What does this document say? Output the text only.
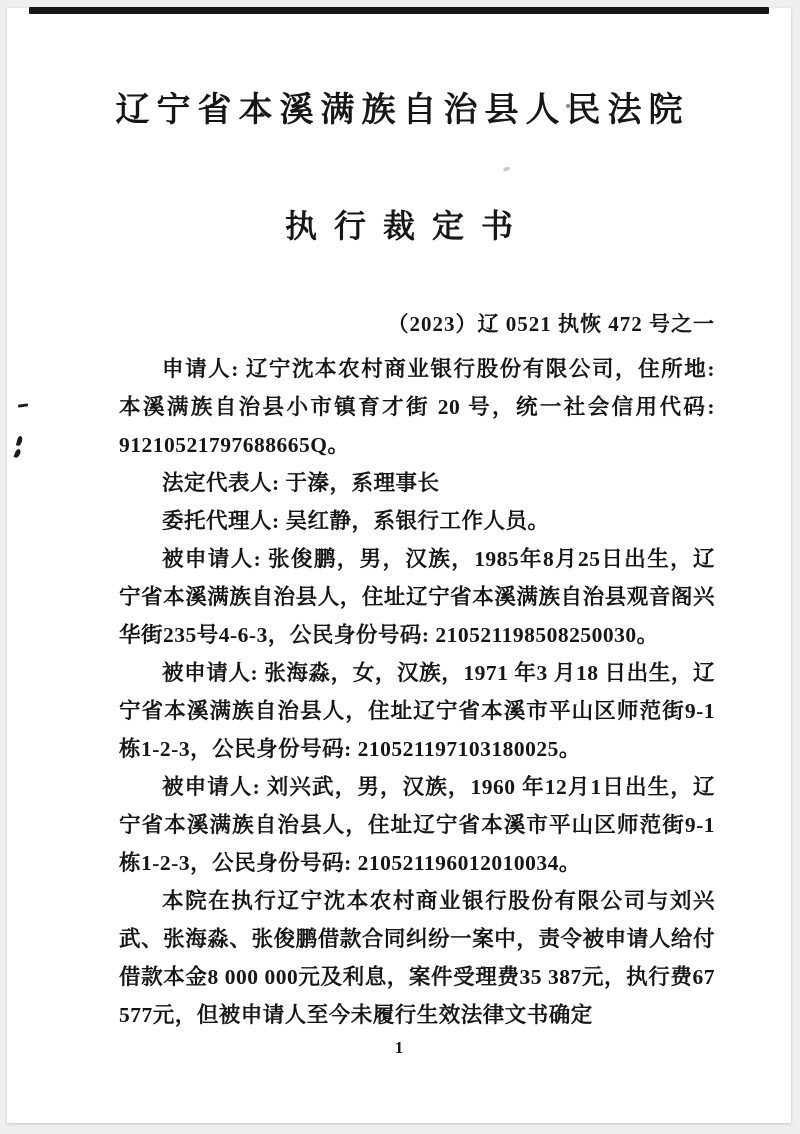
辽宁省本溪满族自治县人民法院
执行裁定书

（2023）辽 0521 执恢 472 号之一

申请人: 辽宁沈本农村商业银行股份有限公司，住所地: 本溪满族自治县小市镇育才街 20 号，统一社会信用代码: 91210521797688665Q。

法定代表人: 于溱，系理事长

委托代理人: 吴红静，系银行工作人员。

被申请人: 张俊鹏，男，汉族，1985年8月25日出生，辽宁省本溪满族自治县人，住址辽宁省本溪满族自治县观音阁兴华街235号4-6-3，公民身份号码: 210521198508250030。

被申请人: 张海淼，女，汉族，1971 年3 月18 日出生，辽宁省本溪满族自治县人，住址辽宁省本溪市平山区师范街9-1栋1-2-3，公民身份号码: 210521197103180025。

被申请人: 刘兴武，男，汉族，1960 年12月1日出生，辽宁省本溪满族自治县人，住址辽宁省本溪市平山区师范街9-1栋1-2-3，公民身份号码: 210521196012010034。

本院在执行辽宁沈本农村商业银行股份有限公司与刘兴武、张海淼、张俊鹏借款合同纠纷一案中，责令被申请人给付借款本金8 000 000元及利息，案件受理费35 387元，执行费67 577元，但被申请人至今未履行生效法律文书确定

1
